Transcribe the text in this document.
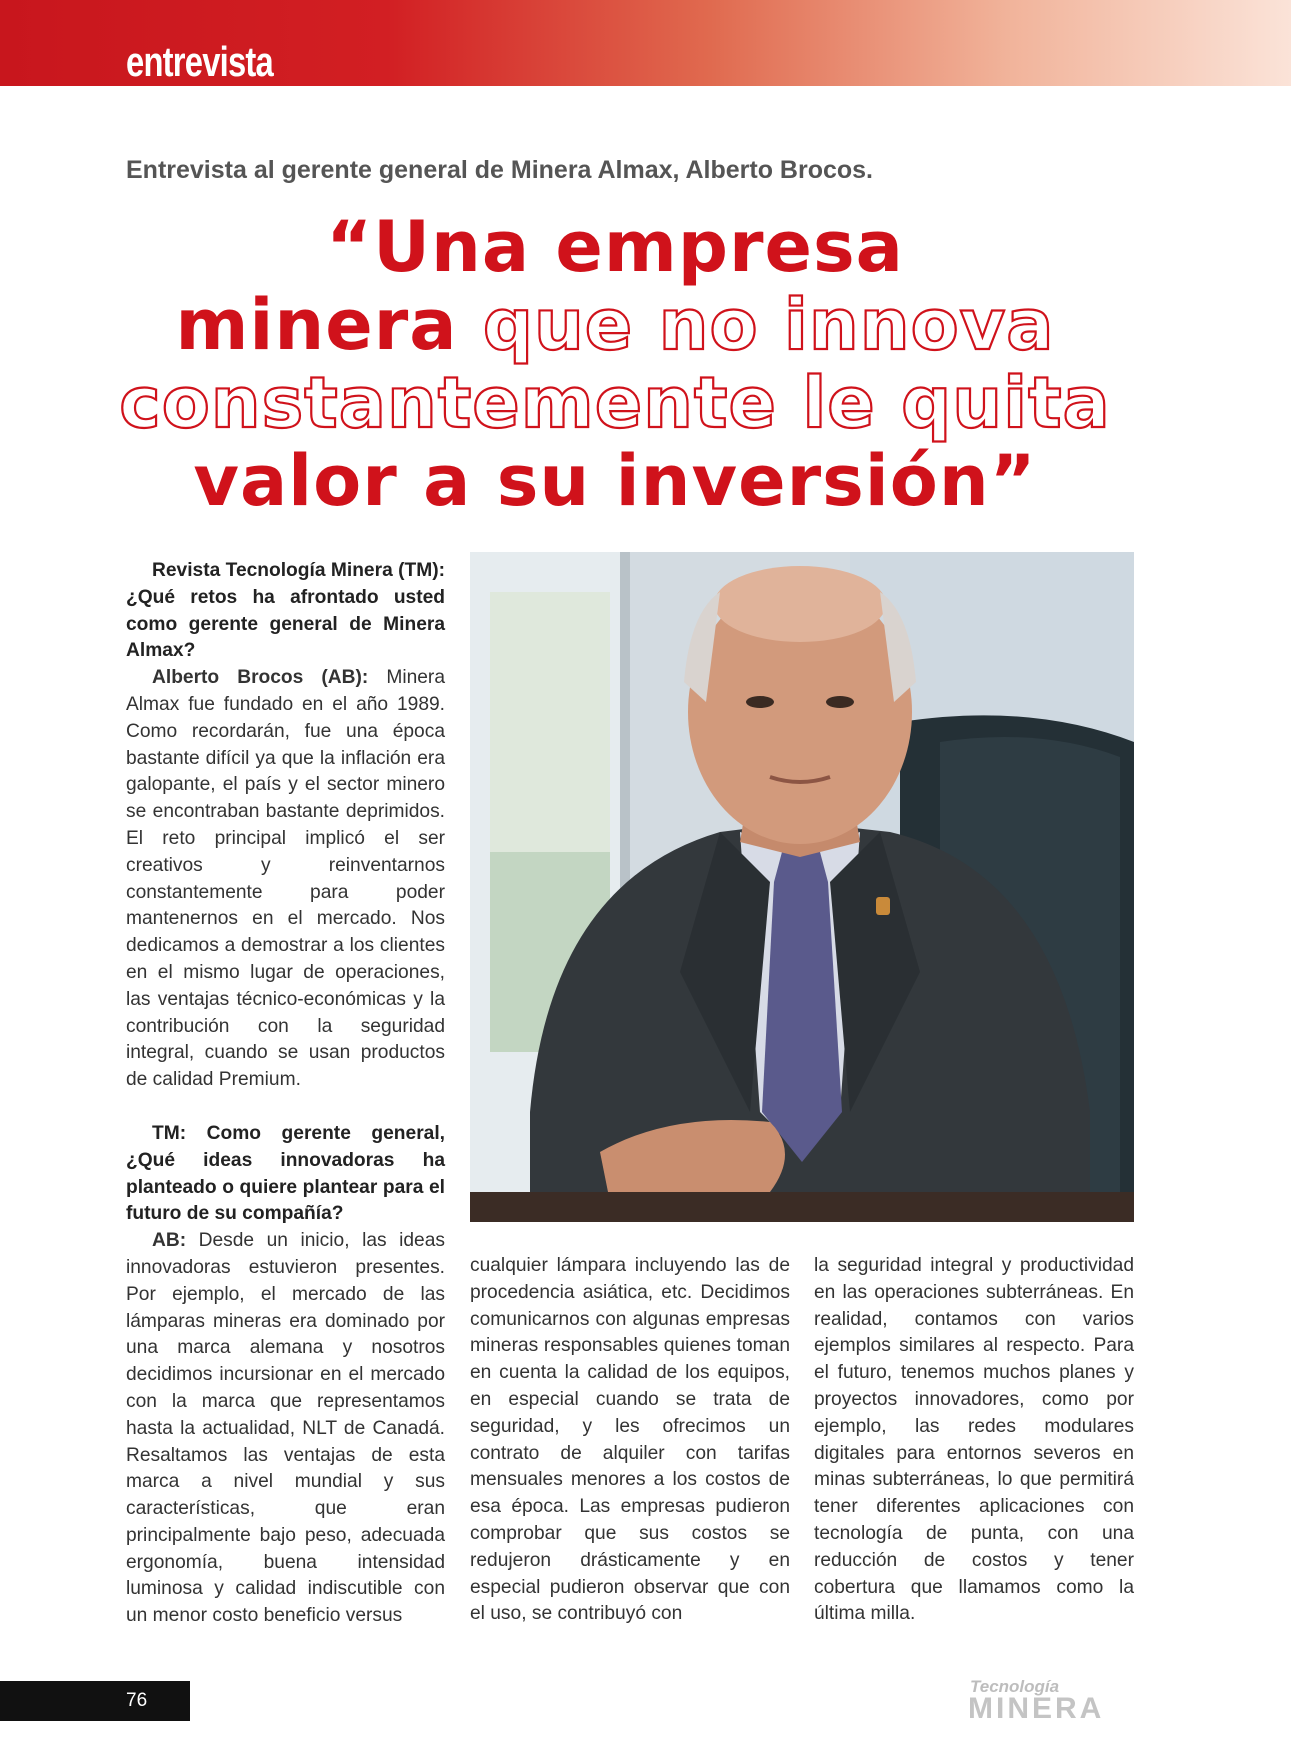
entrevista

Entrevista al gerente general de Minera Almax, Alberto Brocos.

“Una empresa
minera que no innova
constantemente le quita
valor a su inversión”

Revista Tecnología Minera (TM): ¿Qué retos ha afrontado usted como gerente general de Minera Almax?

Alberto Brocos (AB): Minera Almax fue fundado en el año 1989. Como recordarán, fue una época bastante difícil ya que la inflación era galopante, el país y el sector minero se encontraban bastante deprimidos. El reto principal implicó el ser creativos y reinventarnos constantemente para poder mantenernos en el mercado. Nos dedicamos a demostrar a los clientes en el mismo lugar de operaciones, las ventajas técnico-económicas y la contribución con la seguridad integral, cuando se usan productos de calidad Premium.

TM: Como gerente general, ¿Qué ideas innovadoras ha planteado o quiere plantear para el futuro de su compañía?

AB: Desde un inicio, las ideas innovadoras estuvieron presentes. Por ejemplo, el mercado de las lámparas mineras era dominado por una marca alemana y nosotros decidimos incursionar en el mercado con la marca que representamos hasta la actualidad, NLT de Canadá. Resaltamos las ventajas de esta marca a nivel mundial y sus características, que eran principalmente bajo peso, adecuada ergonomía, buena intensidad luminosa y calidad indiscutible con un menor costo beneficio versus

cualquier lámpara incluyendo las de procedencia asiática, etc. Decidimos comunicarnos con algunas empresas mineras responsables quienes toman en cuenta la calidad de los equipos, en especial cuando se trata de seguridad, y les ofrecimos un contrato de alquiler con tarifas mensuales menores a los costos de esa época. Las empresas pudieron comprobar que sus costos se redujeron drásticamente y en especial pudieron observar que con el uso, se contribuyó con

la seguridad integral y productividad en las operaciones subterráneas. En realidad, contamos con varios ejemplos similares al respecto. Para el futuro, tenemos muchos planes y proyectos innovadores, como por ejemplo, las redes modulares digitales para entornos severos en minas subterráneas, lo que permitirá tener diferentes aplicaciones con tecnología de punta, con una reducción de costos y tener cobertura que llamamos como la última milla.

76

Tecnología
MINERA
